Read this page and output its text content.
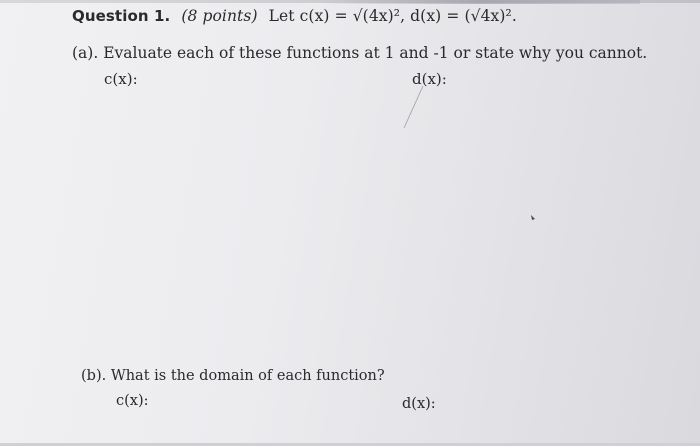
Question 1. (8 points) Let c(x) = √(4x)², d(x) = (√4x)².
(a). Evaluate each of these functions at 1 and -1 or state why you cannot.
c(x):	d(x):
(b). What is the domain of each function?
c(x):	d(x):
